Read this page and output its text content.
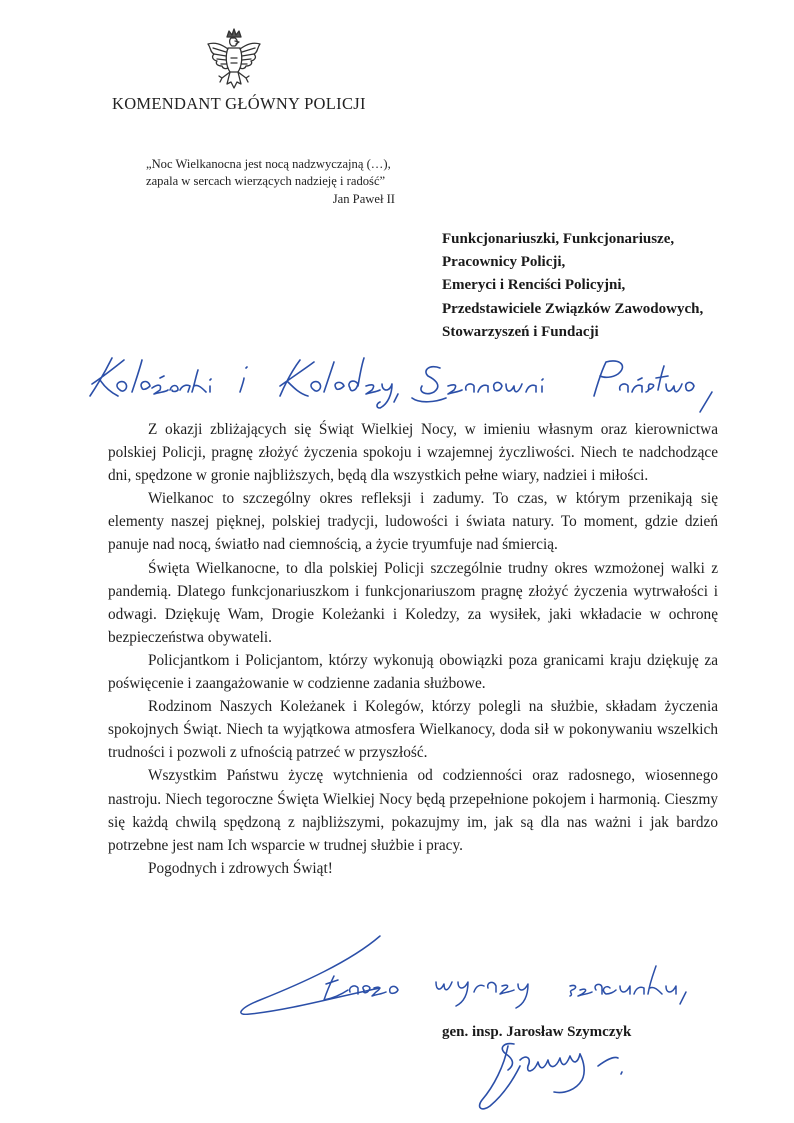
KOMENDANT GŁÓWNY POLICJI

„Noc Wielkanocna jest nocą nadzwyczajną (…),

zapala w sercach wierzących nadzieję i radość”

Jan Paweł II

Funkcjonariuszki, Funkcjonariusze,
Pracownicy Policji,
Emeryci i Renciści Policyjni,
Przedstawiciele Związków Zawodowych,
Stowarzyszeń i Fundacji
Koleżanki i Koledzy, Szanowni Państwo,

Z okazji zbliżających się Świąt Wielkiej Nocy, w imieniu własnym oraz kierownictwa polskiej Policji, pragnę złożyć życzenia spokoju i wzajemnej życzliwości. Niech te nadchodzące dni, spędzone w gronie najbliższych, będą dla wszystkich pełne wiary, nadziei i miłości.

Wielkanoc to szczególny okres refleksji i zadumy. To czas, w którym przenikają się elementy naszej pięknej, polskiej tradycji, ludowości i świata natury. To moment, gdzie dzień panuje nad nocą, światło nad ciemnością, a życie tryumfuje nad śmiercią.

Święta Wielkanocne, to dla polskiej Policji szczególnie trudny okres wzmożonej walki z pandemią. Dlatego funkcjonariuszkom i funkcjonariuszom pragnę złożyć życzenia wytrwałości i odwagi. Dziękuję Wam, Drogie Koleżanki i Koledzy, za wysiłek, jaki wkładacie w ochronę bezpieczeństwa obywateli.

Policjantkom i Policjantom, którzy wykonują obowiązki poza granicami kraju dziękuję za poświęcenie i zaangażowanie w codzienne zadania służbowe.

Rodzinom Naszych Koleżanek i Kolegów, którzy polegli na służbie, składam życzenia spokojnych Świąt. Niech ta wyjątkowa atmosfera Wielkanocy, doda sił w pokonywaniu wszelkich trudności i pozwoli z ufnością patrzeć w przyszłość.

Wszystkim Państwu życzę wytchnienia od codzienności oraz radosnego, wiosennego nastroju. Niech tegoroczne Święta Wielkiej Nocy będą przepełnione pokojem i harmonią. Cieszmy się każdą chwilą spędzoną z najbliższymi, pokazujmy im, jak są dla nas ważni i jak bardzo potrzebne jest nam Ich wsparcie w trudnej służbie i pracy.

Pogodnych i zdrowych Świąt!

Łączę wyrazy szacunku,
gen. insp. Jarosław Szymczyk
